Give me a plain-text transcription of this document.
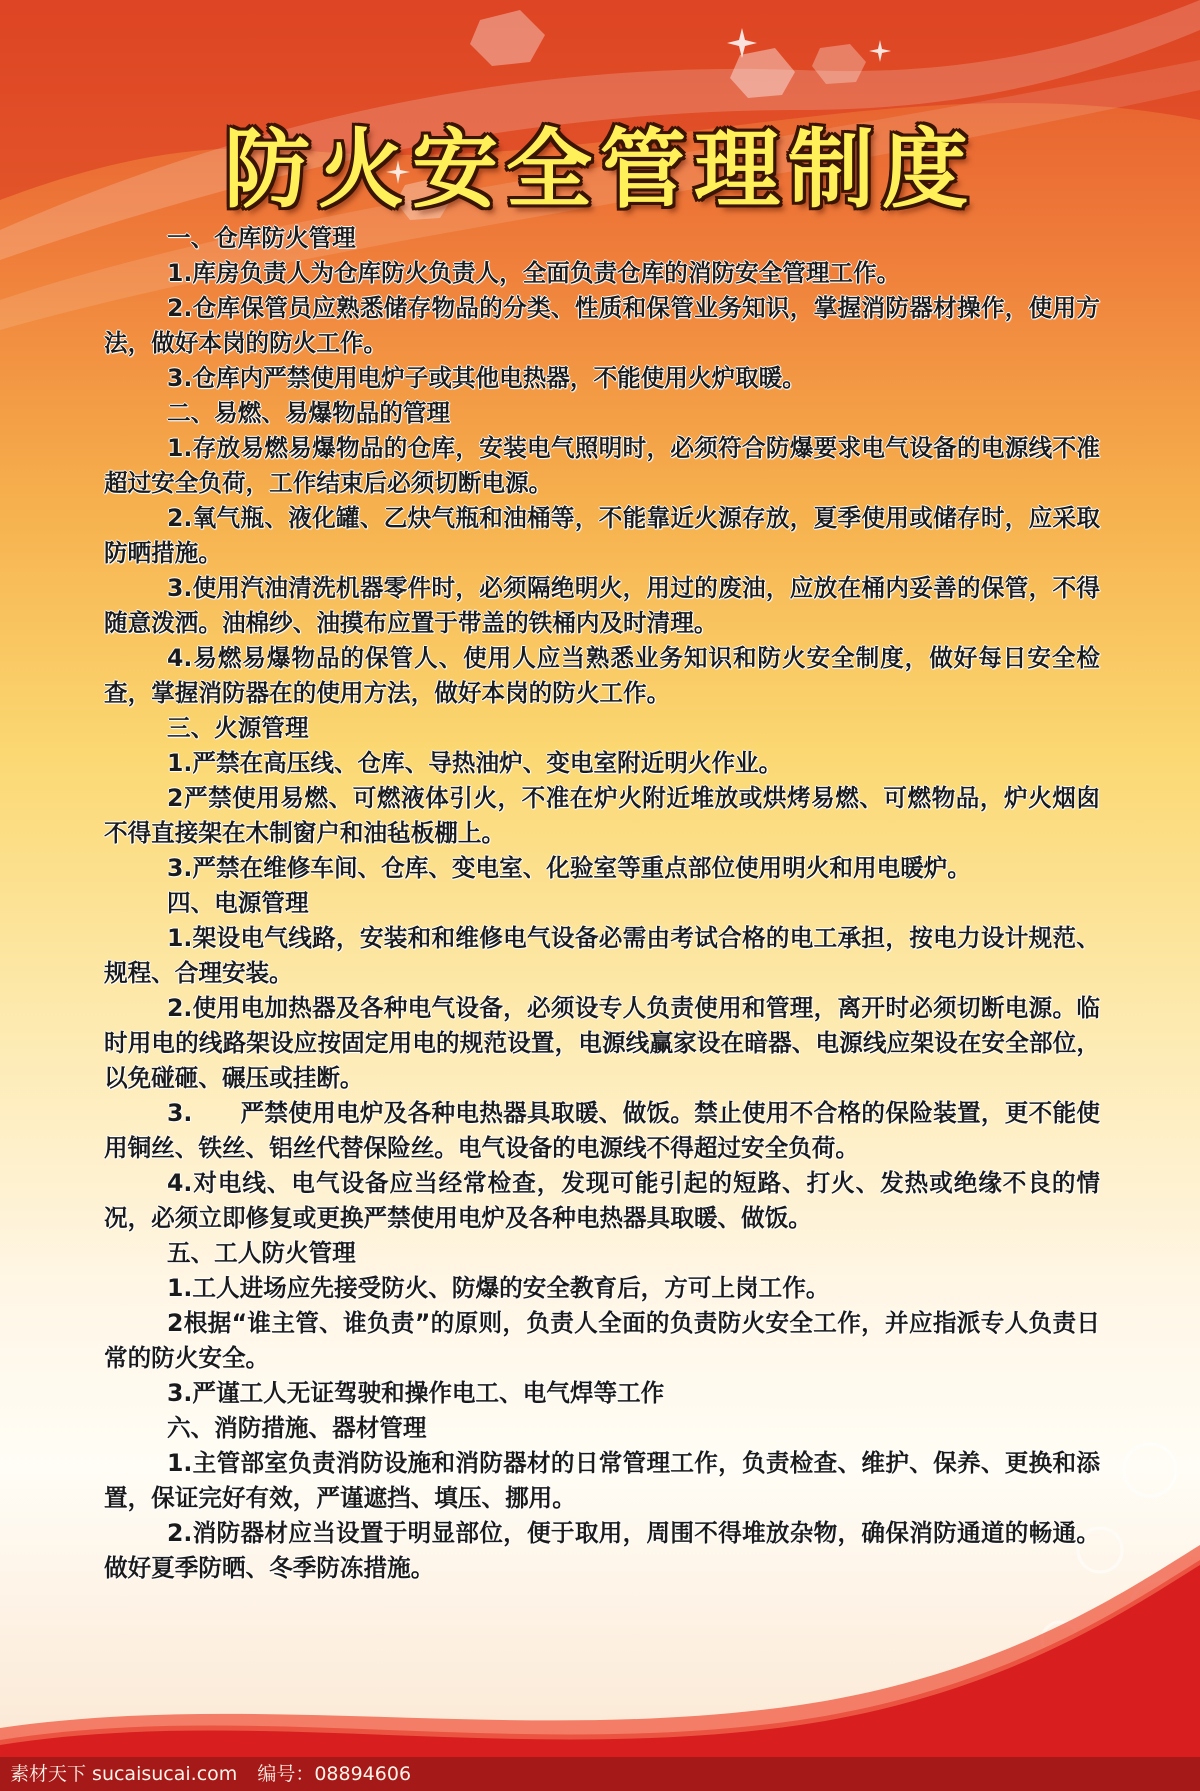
防火安全管理制度

一、仓库防火管理

1.库房负责人为仓库防火负责人，全面负责仓库的消防安全管理工作。

2.仓库保管员应熟悉储存物品的分类、性质和保管业务知识，掌握消防器材操作，使用方法，做好本岗的防火工作。

3.仓库内严禁使用电炉子或其他电热器，不能使用火炉取暖。

二、易燃、易爆物品的管理

1.存放易燃易爆物品的仓库，安装电气照明时，必须符合防爆要求电气设备的电源线不准超过安全负荷，工作结束后必须切断电源。

2.氧气瓶、液化罐、乙炔气瓶和油桶等，不能靠近火源存放，夏季使用或储存时，应采取防晒措施。

3.使用汽油清洗机器零件时，必须隔绝明火，用过的废油，应放在桶内妥善的保管，不得随意泼洒。油棉纱、油摸布应置于带盖的铁桶内及时清理。

4.易燃易爆物品的保管人、使用人应当熟悉业务知识和防火安全制度，做好每日安全检查，掌握消防器在的使用方法，做好本岗的防火工作。

三、火源管理

1.严禁在高压线、仓库、导热油炉、变电室附近明火作业。

2严禁使用易燃、可燃液体引火，不准在炉火附近堆放或烘烤易燃、可燃物品，炉火烟囱不得直接架在木制窗户和油毡板棚上。

3.严禁在维修车间、仓库、变电室、化验室等重点部位使用明火和用电暖炉。

四、电源管理

1.架设电气线路，安装和和维修电气设备必需由考试合格的电工承担，按电力设计规范、规程、合理安装。

2.使用电加热器及各种电气设备，必须设专人负责使用和管理，离开时必须切断电源。临时用电的线路架设应按固定用电的规范设置，电源线赢家设在暗器、电源线应架设在安全部位，以免碰砸、碾压或挂断。

3.　　严禁使用电炉及各种电热器具取暖、做饭。禁止使用不合格的保险装置，更不能使用铜丝、铁丝、铝丝代替保险丝。电气设备的电源线不得超过安全负荷。

4.对电线、电气设备应当经常检查，发现可能引起的短路、打火、发热或绝缘不良的情况，必须立即修复或更换严禁使用电炉及各种电热器具取暖、做饭。

五、工人防火管理

1.工人进场应先接受防火、防爆的安全教育后，方可上岗工作。

2根据“谁主管、谁负责”的原则，负责人全面的负责防火安全工作，并应指派专人负责日常的防火安全。

3.严谨工人无证驾驶和操作电工、电气焊等工作

六、消防措施、器材管理

1.主管部室负责消防设施和消防器材的日常管理工作，负责检查、维护、保养、更换和添置，保证完好有效，严谨遮挡、填压、挪用。

2.消防器材应当设置于明显部位，便于取用，周围不得堆放杂物，确保消防通道的畅通。做好夏季防晒、冬季防冻措施。

素材天下 sucaisucai.com 编号：08894606
